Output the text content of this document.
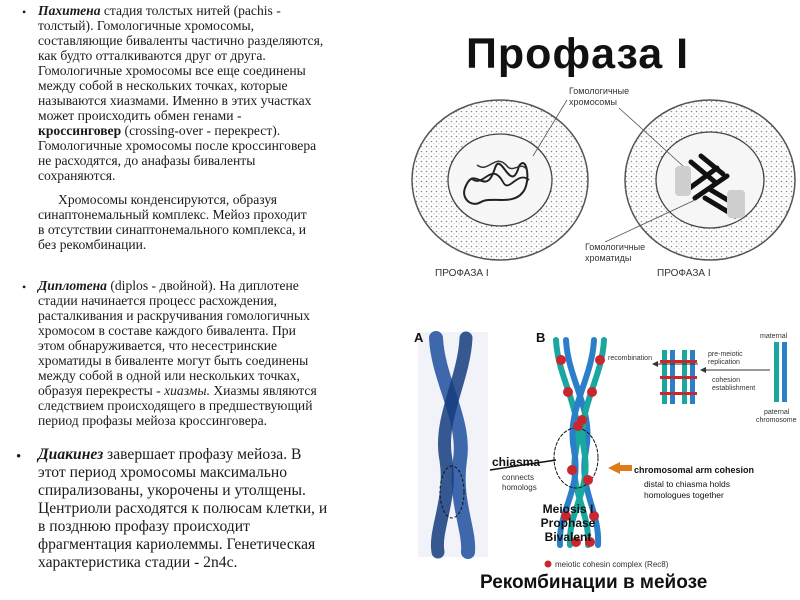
• Пахитена стадия толстых нитей (pachis -

толстый). Гомологичные хромосомы,

составляющие биваленты частично разделяются,

как будто отталкиваются друг от друга.

Гомологичные хромосомы все еще соединены

между собой в нескольких точках, которые

называются хиазмами. Именно в этих участках

может происходить обмен генами -

кроссинговер (crossing-over - перекрест).

Гомологичные хромосомы после кроссинговера

не расходятся, до анафазы биваленты

сохраняются.

Хромосомы конденсируются, образуя

синаптонемальный комплекс. Мейоз проходит

в отсутствии синаптонемального комплекса, и

без рекомбинации.

• Диплотена (diplos - двойной). На диплотене

стадии начинается процесс расхождения,

расталкивания и раскручивания гомологичных

хромосом в составе каждого бивалента. При

этом обнаруживается, что несестринские

хроматиды в биваленте могут быть соединены

между собой в одной или нескольких точках,

образуя перекресты - хиазмы. Хиазмы являются

следствием происходящего в предшествующий

период профазы мейоза кроссинговера.

• Диакинез завершает профазу мейоза. В

этот период хромосомы максимально

спирализованы, укорочены и утолщены.

Центриоли расходятся к полюсам клетки, и

в позднюю профазу происходит

фрагментация кариолеммы. Генетическая

характеристика стадии - 2n4c.

Профаза I
Гомологичные
хромосомы
Гомологичные
хроматиды
ПРОФАЗА I	ПРОФАЗА I
A	B
chiasma
connects
homologs
Meiosis I
Prophase
Bivalent
chromosomal arm cohesion
distal to chiasma holds
homologues together
meiotic cohesin complex (Rec8)
recombination
pre-meiotic
replication
cohesion
establishment
maternal
paternal
chromosome
Рекомбинации в мейозе
